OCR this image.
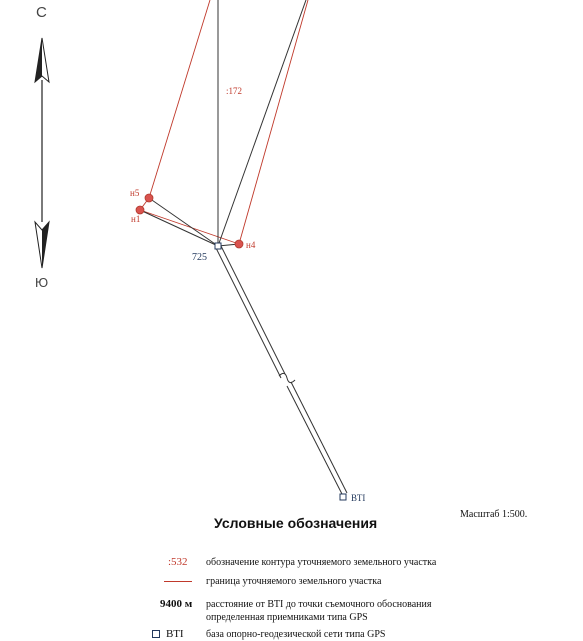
:172
н5
н1
н4
725
ВТІ
С
Ю
Масштаб 1:500.
Условные обозначения
:532 обозначение контура уточняемого земельного участка
граница уточняемого земельного участка
9400 м расстояние от ВТІ до точки съемочного обоснования
определенная приемниками типа GPS
ВТІ база опорно-геодезической сети типа GPS
